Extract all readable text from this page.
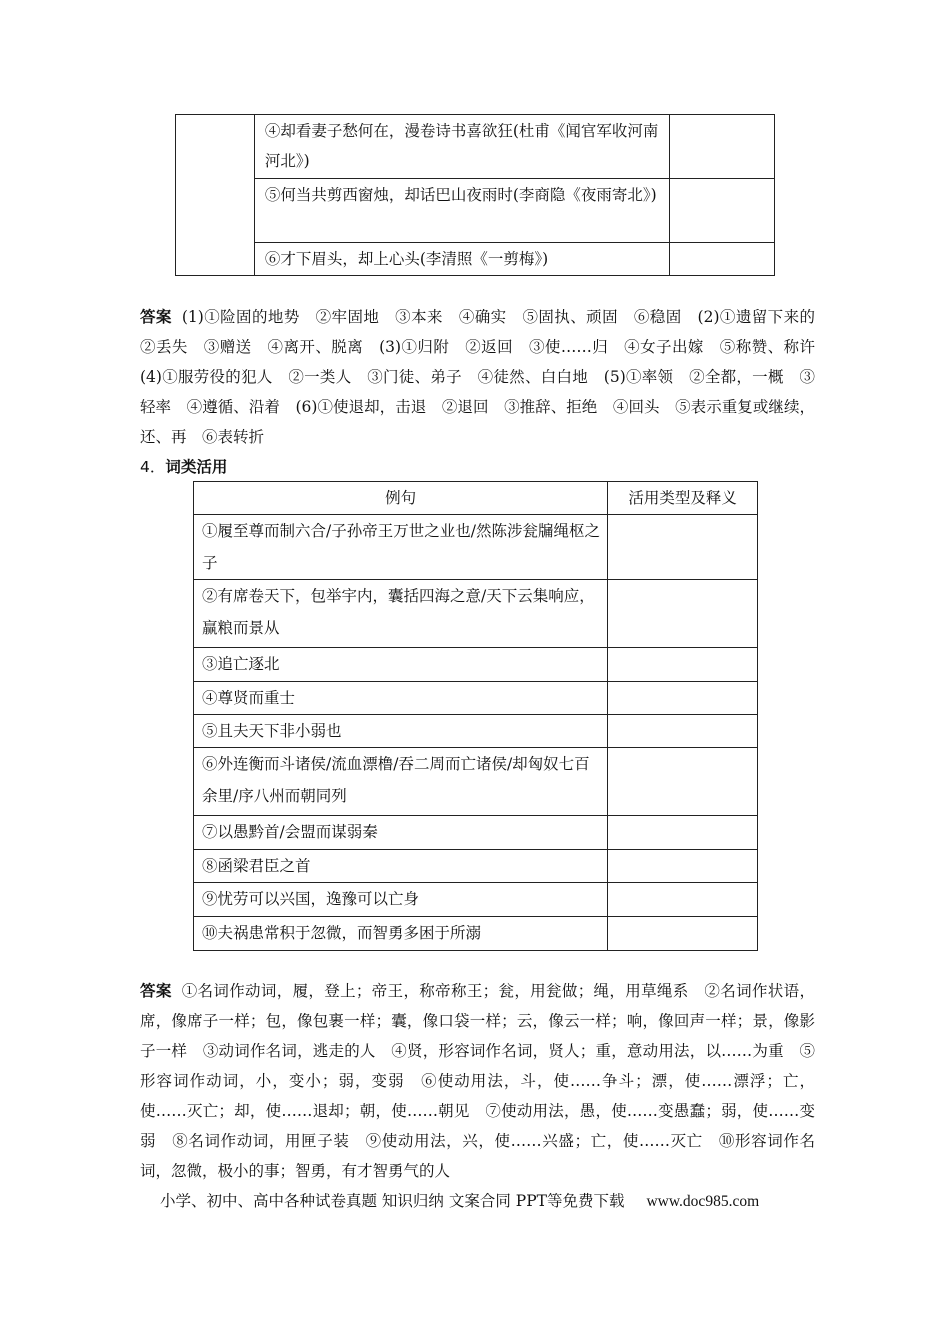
	④却看妻子愁何在，漫卷诗书喜欲狂(杜甫《闻官军收河南河北》)	
	⑤何当共剪西窗烛，却话巴山夜雨时(李商隐《夜雨寄北》)	
	⑥才下眉头，却上心头(李清照《一剪梅》)	
答案 (1)①险固的地势　②牢固地　③本来　④确实　⑤固执、顽固　⑥稳固　(2)①遗留下来的　②丢失　③赠送　④离开、脱离　(3)①归附　②返回　③使……归　④女子出嫁　⑤称赞、称许　(4)①服劳役的犯人　②一类人　③门徒、弟子　④徒然、白白地　(5)①率领　②全都，一概　③轻率　④遵循、沿着　(6)①使退却，击退　②退回　③推辞、拒绝　④回头　⑤表示重复或继续，还、再　⑥表转折
4．词类活用
例句	活用类型及释义
①履至尊而制六合/子孙帝王万世之业也/然陈涉瓮牖绳枢之子	
②有席卷天下，包举宇内，囊括四海之意/天下云集响应，赢粮而景从	
③追亡逐北	
④尊贤而重士	
⑤且夫天下非小弱也	
⑥外连衡而斗诸侯/流血漂橹/吞二周而亡诸侯/却匈奴七百余里/序八州而朝同列	
⑦以愚黔首/会盟而谋弱秦	
⑧函梁君臣之首	
⑨忧劳可以兴国，逸豫可以亡身	
⑩夫祸患常积于忽微，而智勇多困于所溺	
答案 ①名词作动词，履，登上；帝王，称帝称王；瓮，用瓮做；绳，用草绳系　②名词作状语，席，像席子一样；包，像包裹一样；囊，像口袋一样；云，像云一样；响，像回声一样；景，像影子一样　③动词作名词，逃走的人　④贤，形容词作名词，贤人；重，意动用法，以……为重　⑤形容词作动词，小，变小；弱，变弱　⑥使动用法，斗，使……争斗；漂，使……漂浮；亡，使……灭亡；却，使……退却；朝，使……朝见　⑦使动用法，愚，使……变愚蠢；弱，使……变弱　⑧名词作动词，用匣子装　⑨使动用法，兴，使……兴盛；亡，使……灭亡　⑩形容词作名词，忽微，极小的事；智勇，有才智勇气的人
小学、初中、高中各种试卷真题 知识归纳 文案合同 PPT等免费下载 www.doc985.com
